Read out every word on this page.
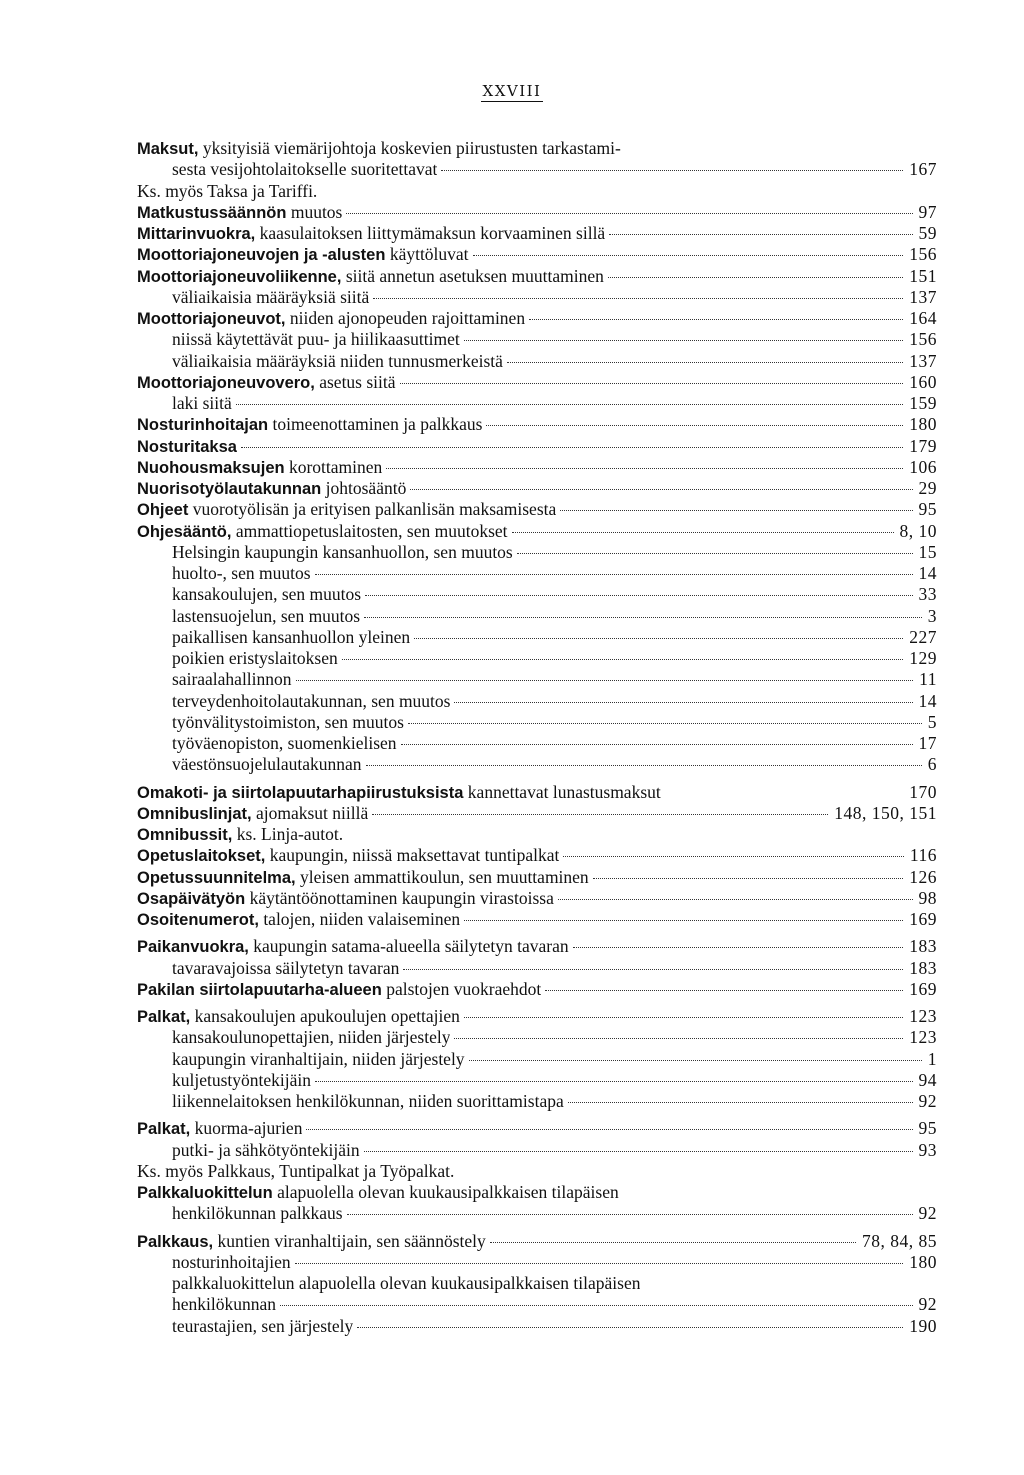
XXVIII
Maksut, yksityisiä viemärijohtoja koskevien piirustusten tarkastami-
sesta vesijohtolaitokselle suoritettavat	167
Ks. myös Taksa ja Tariffi.
Matkustussäännön muutos	97
Mittarinvuokra, kaasulaitoksen liittymämaksun korvaaminen sillä	59
Moottoriajoneuvojen ja -alusten käyttöluvat	156
Moottoriajoneuvoliikenne, siitä annetun asetuksen muuttaminen	151
väliaikaisia määräyksiä siitä	137
Moottoriajoneuvot, niiden ajonopeuden rajoittaminen	164
niissä käytettävät puu- ja hiilikaasuttimet	156
väliaikaisia määräyksiä niiden tunnusmerkeistä	137
Moottoriajoneuvovero, asetus siitä	160
laki siitä	159
Nosturinhoitajan toimeenottaminen ja palkkaus	180
Nosturitaksa	179
Nuohousmaksujen korottaminen	106
Nuorisotyölautakunnan johtosääntö	29
Ohjeet vuorotyölisän ja erityisen palkanlisän maksamisesta	95
Ohjesääntö, ammattiopetuslaitosten, sen muutokset	8, 10
Helsingin kaupungin kansanhuollon, sen muutos	15
huolto-, sen muutos	14
kansakoulujen, sen muutos	33
lastensuojelun, sen muutos	3
paikallisen kansanhuollon yleinen	227
poikien eristyslaitoksen	129
sairaalahallinnon	11
terveydenhoitolautakunnan, sen muutos	14
työnvälitystoimiston, sen muutos	5
työväenopiston, suomenkielisen	17
väestönsuojelulautakunnan	6
Omakoti- ja siirtolapuutarhapiirustuksista kannettavat lunastusmaksut	170
Omnibuslinjat, ajomaksut niillä	148, 150, 151
Omnibussit, ks. Linja-autot.
Opetuslaitokset, kaupungin, niissä maksettavat tuntipalkat	116
Opetussuunnitelma, yleisen ammattikoulun, sen muuttaminen	126
Osapäivätyön käytäntöönottaminen kaupungin virastoissa	98
Osoitenumerot, talojen, niiden valaiseminen	169
Paikanvuokra, kaupungin satama-alueella säilytetyn tavaran	183
tavaravajoissa säilytetyn tavaran	183
Pakilan siirtolapuutarha-alueen palstojen vuokraehdot	169
Palkat, kansakoulujen apukoulujen opettajien	123
kansakoulunopettajien, niiden järjestely	123
kaupungin viranhaltijain, niiden järjestely	1
kuljetustyöntekijäin	94
liikennelaitoksen henkilökunnan, niiden suorittamistapa	92
Palkat, kuorma-ajurien	95
putki- ja sähkötyöntekijäin	93
Ks. myös Palkkaus, Tuntipalkat ja Työpalkat.
Palkkaluokittelun alapuolella olevan kuukausipalkkaisen tilapäisen
henkilökunnan palkkaus	92
Palkkaus, kuntien viranhaltijain, sen säännöstely	78, 84, 85
nosturinhoitajien	180
palkkaluokittelun alapuolella olevan kuukausipalkkaisen tilapäisen
henkilökunnan	92
teurastajien, sen järjestely	190
